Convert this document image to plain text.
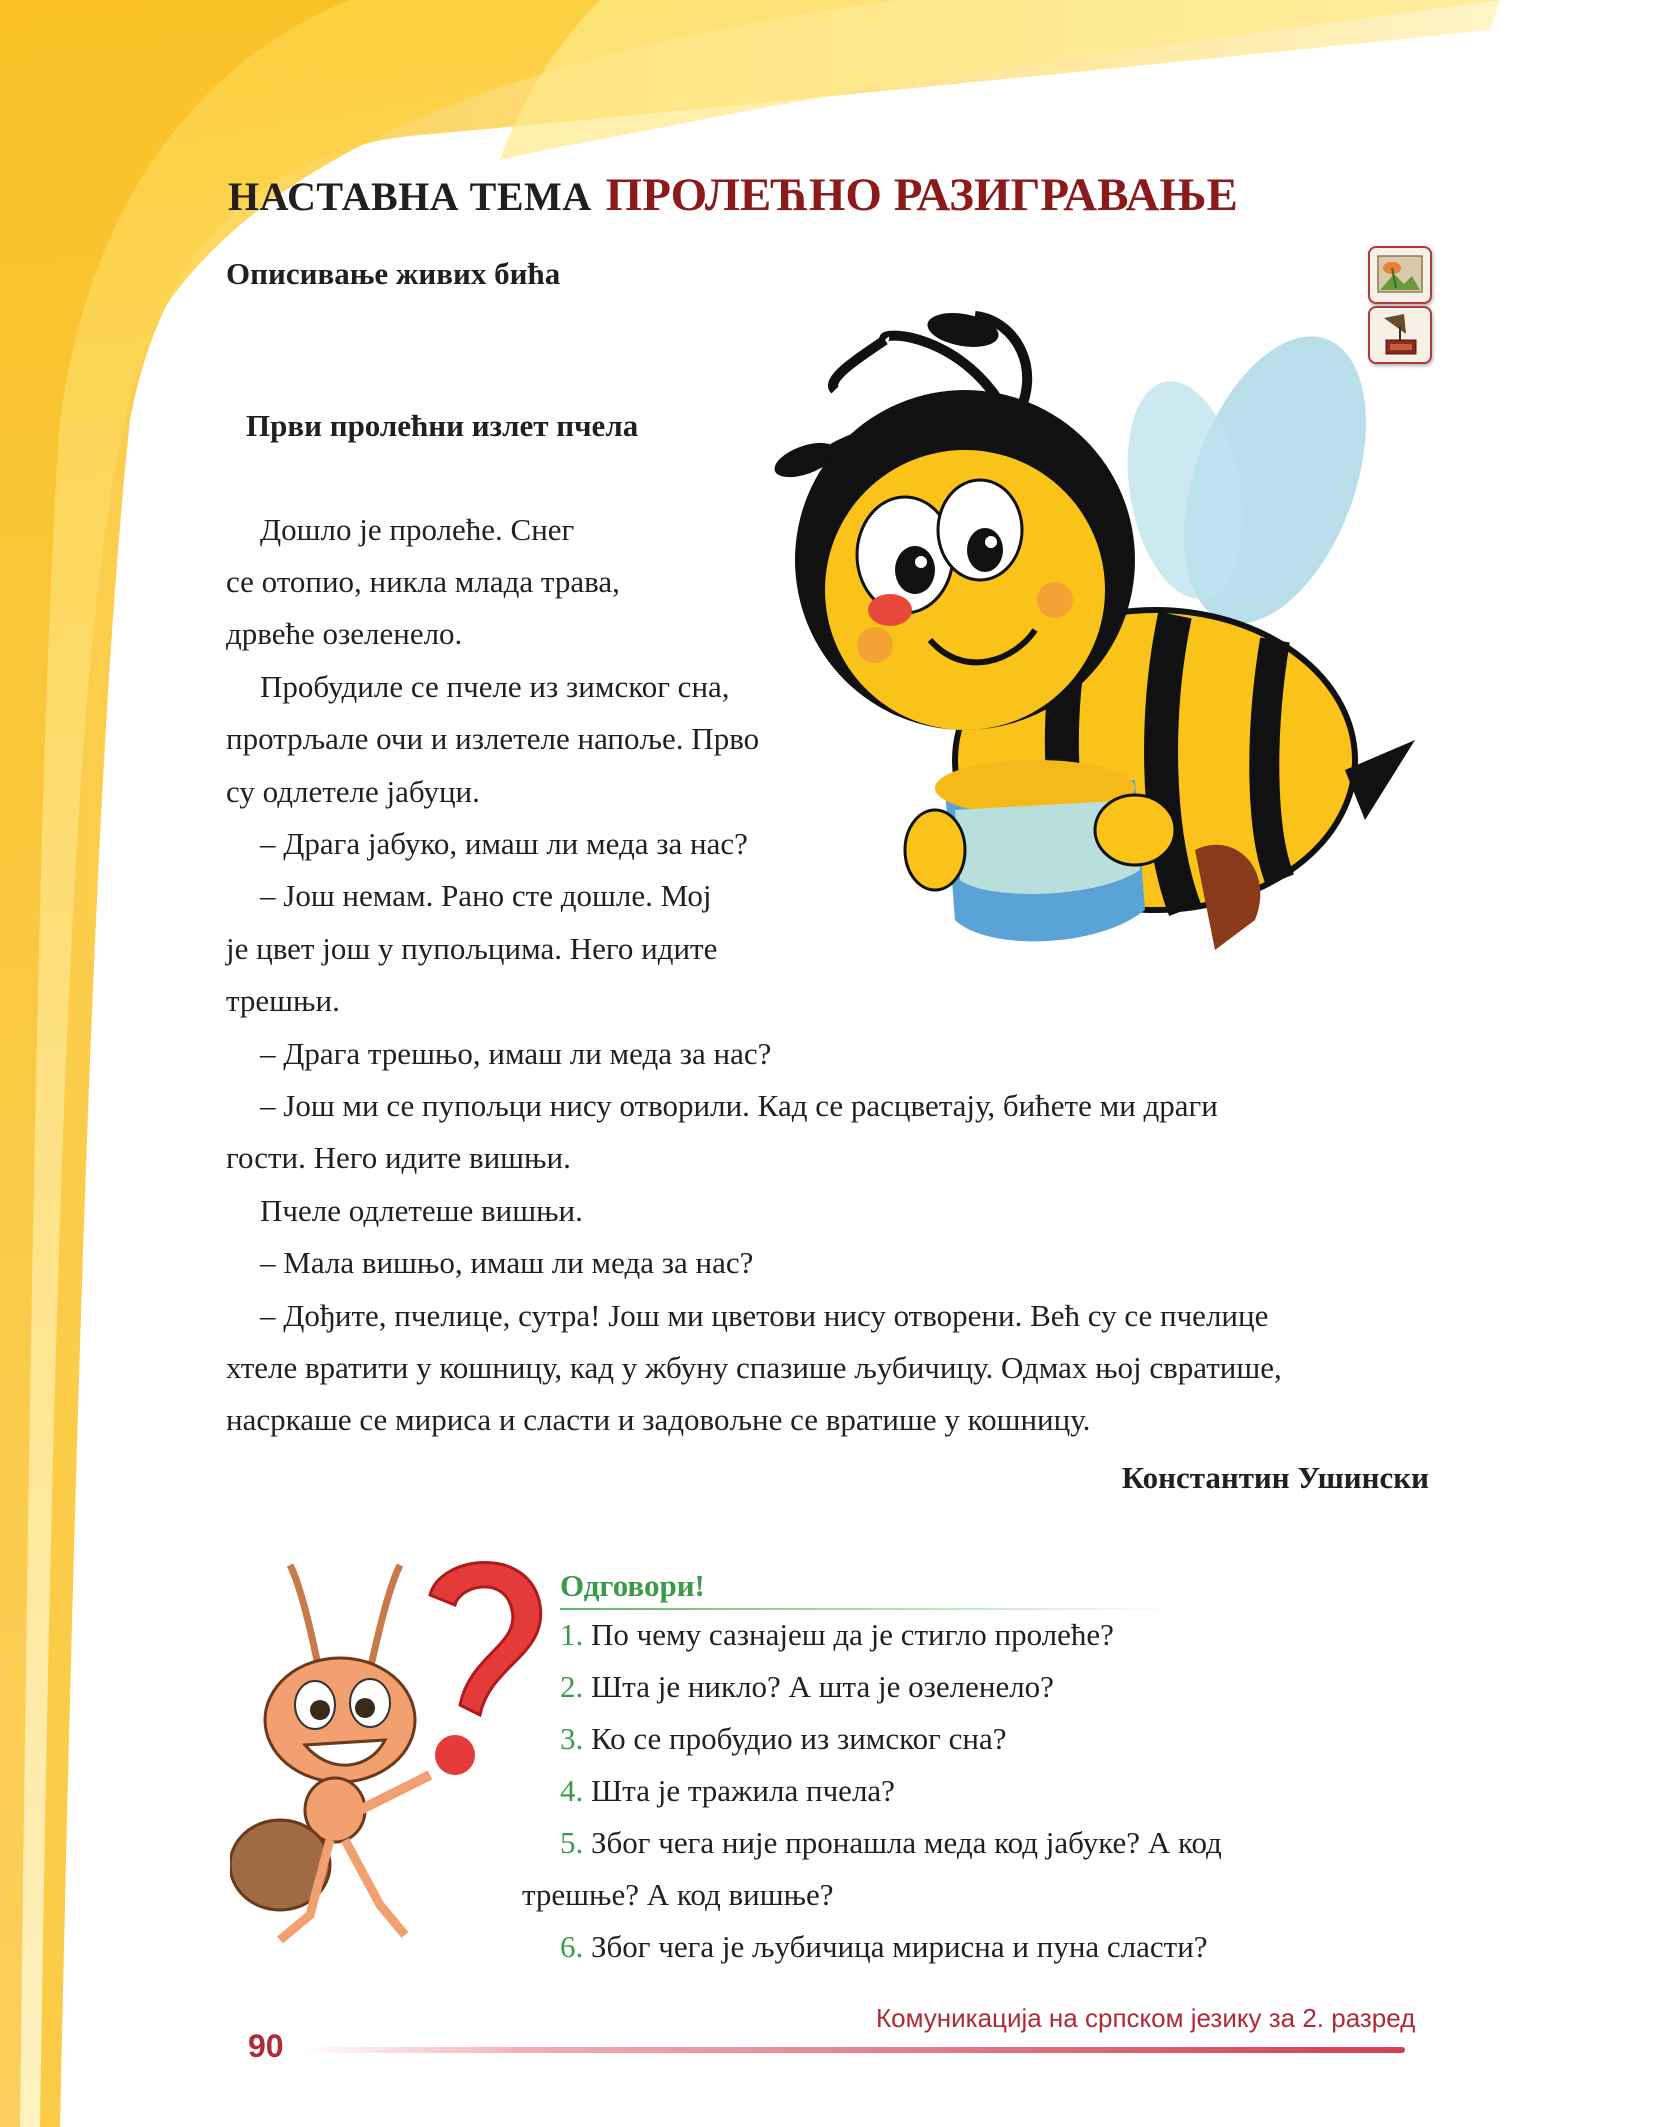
НАСТАВНА ТЕМА ПРОЛЕЋНО РАЗИГРАВАЊЕ
Описивање живих бића
Први пролећни излет пчела
Дошло је пролеће. Снег
се отопио, никла млада трава,
дрвеће озеленело.
Пробудиле се пчеле из зимског сна,
протрљале очи и излетеле напоље. Прво
су одлетеле јабуци.
– Драга јабуко, имаш ли меда за нас?
– Још немам. Рано сте дошле. Мој
је цвет још у пупољцима. Него идите
трешњи.
– Драга трешњо, имаш ли меда за нас?
– Још ми се пупољци нису отворили. Кад се расцветају, бићете ми драги
гости. Него идите вишњи.
Пчеле одлетеше вишњи.
– Мала вишњо, имаш ли меда за нас?
– Дођите, пчелице, сутра! Још ми цветови нису отворени. Већ су се пчелице
хтеле вратити у кошницу, кад у жбуну спазише љубичицу. Одмах њој свратише,
насркаше се мириса и сласти и задовољне се вратише у кошницу.
Константин Ушински
Одговори!
1. По чему сазнајеш да је стигло пролеће?
2. Шта је никло? А шта је озеленело?
3. Ко се пробудио из зимског сна?
4. Шта је тражила пчела?
5. Због чега није пронашла меда код јабуке? А код
трешње? А код вишње?
6. Због чега је љубичица мирисна и пуна сласти?
Комуникација на српском језику за 2. разред
90
